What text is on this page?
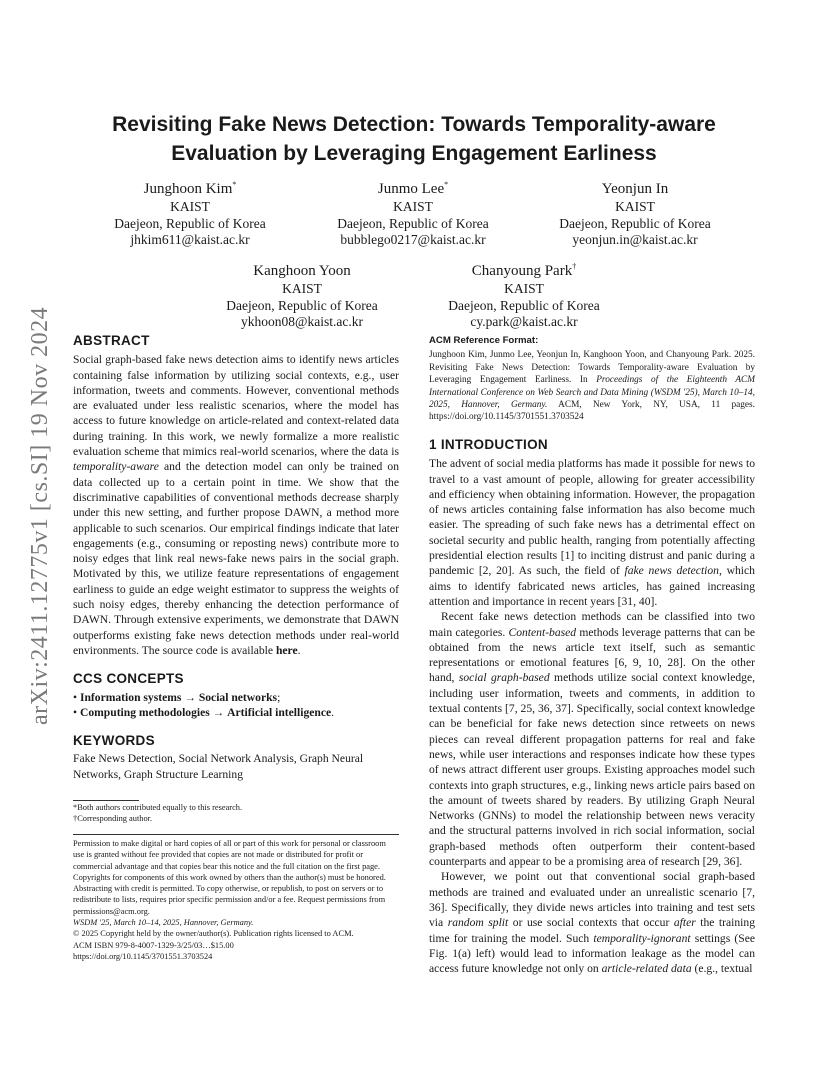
arXiv:2411.12775v1 [cs.SI] 19 Nov 2024
Revisiting Fake News Detection: Towards Temporality-aware Evaluation by Leveraging Engagement Earliness
Junghoon Kim*
KAIST
Daejeon, Republic of Korea
jhkim611@kaist.ac.kr
Junmo Lee*
KAIST
Daejeon, Republic of Korea
bubblego0217@kaist.ac.kr
Yeonjun In
KAIST
Daejeon, Republic of Korea
yeonjun.in@kaist.ac.kr
Kanghoon Yoon
KAIST
Daejeon, Republic of Korea
ykhoon08@kaist.ac.kr
Chanyoung Park†
KAIST
Daejeon, Republic of Korea
cy.park@kaist.ac.kr
ABSTRACT

Social graph-based fake news detection aims to identify news articles containing false information by utilizing social contexts, e.g., user information, tweets and comments. However, conventional methods are evaluated under less realistic scenarios, where the model has access to future knowledge on article-related and context-related data during training. In this work, we newly formalize a more realistic evaluation scheme that mimics real-world scenarios, where the data is temporality-aware and the detection model can only be trained on data collected up to a certain point in time. We show that the discriminative capabilities of conventional methods decrease sharply under this new setting, and further propose DAWN, a method more applicable to such scenarios. Our empirical findings indicate that later engagements (e.g., consuming or reposting news) contribute more to noisy edges that link real news-fake news pairs in the social graph. Motivated by this, we utilize feature representations of engagement earliness to guide an edge weight estimator to suppress the weights of such noisy edges, thereby enhancing the detection performance of DAWN. Through extensive experiments, we demonstrate that DAWN outperforms existing fake news detection methods under real-world environments. The source code is available here.

CCS CONCEPTS
• Information systems → Social networks;
• Computing methodologies → Artificial intelligence.
KEYWORDS

Fake News Detection, Social Network Analysis, Graph Neural Networks, Graph Structure Learning

*Both authors contributed equally to this research.
†Corresponding author.
Permission to make digital or hard copies of all or part of this work for personal or classroom use is granted without fee provided that copies are not made or distributed for profit or commercial advantage and that copies bear this notice and the full citation on the first page. Copyrights for components of this work owned by others than the author(s) must be honored. Abstracting with credit is permitted. To copy otherwise, or republish, to post on servers or to redistribute to lists, requires prior specific permission and/or a fee. Request permissions from permissions@acm.org.
WSDM '25, March 10–14, 2025, Hannover, Germany.
© 2025 Copyright held by the owner/author(s). Publication rights licensed to ACM.
ACM ISBN 979-8-4007-1329-3/25/03…$15.00
https://doi.org/10.1145/3701551.3703524
ACM Reference Format:

Junghoon Kim, Junmo Lee, Yeonjun In, Kanghoon Yoon, and Chanyoung Park. 2025. Revisiting Fake News Detection: Towards Temporality-aware Evaluation by Leveraging Engagement Earliness. In Proceedings of the Eighteenth ACM International Conference on Web Search and Data Mining (WSDM '25), March 10–14, 2025, Hannover, Germany. ACM, New York, NY, USA, 11 pages. https://doi.org/10.1145/3701551.3703524

1 INTRODUCTION

The advent of social media platforms has made it possible for news to travel to a vast amount of people, allowing for greater accessibility and efficiency when obtaining information. However, the propagation of news articles containing false information has also become much easier. The spreading of such fake news has a detrimental effect on societal security and public health, ranging from potentially affecting presidential election results [1] to inciting distrust and panic during a pandemic [2, 20]. As such, the field of fake news detection, which aims to identify fabricated news articles, has gained increasing attention and importance in recent years [31, 40].

Recent fake news detection methods can be classified into two main categories. Content-based methods leverage patterns that can be obtained from the news article text itself, such as semantic representations or emotional features [6, 9, 10, 28]. On the other hand, social graph-based methods utilize social context knowledge, including user information, tweets and comments, in addition to textual contents [7, 25, 36, 37]. Specifically, social context knowledge can be beneficial for fake news detection since retweets on news pieces can reveal different propagation patterns for real and fake news, while user interactions and responses indicate how these types of news attract different user groups. Existing approaches model such contexts into graph structures, e.g., linking news article pairs based on the amount of tweets shared by readers. By utilizing Graph Neural Networks (GNNs) to model the relationship between news veracity and the structural patterns involved in rich social information, social graph-based methods often outperform their content-based counterparts and appear to be a promising area of research [29, 36].

However, we point out that conventional social graph-based methods are trained and evaluated under an unrealistic scenario [7, 36]. Specifically, they divide news articles into training and test sets via random split or use social contexts that occur after the training time for training the model. Such temporality-ignorant settings (See Fig. 1(a) left) would lead to information leakage as the model can access future knowledge not only on article-related data (e.g., textual
